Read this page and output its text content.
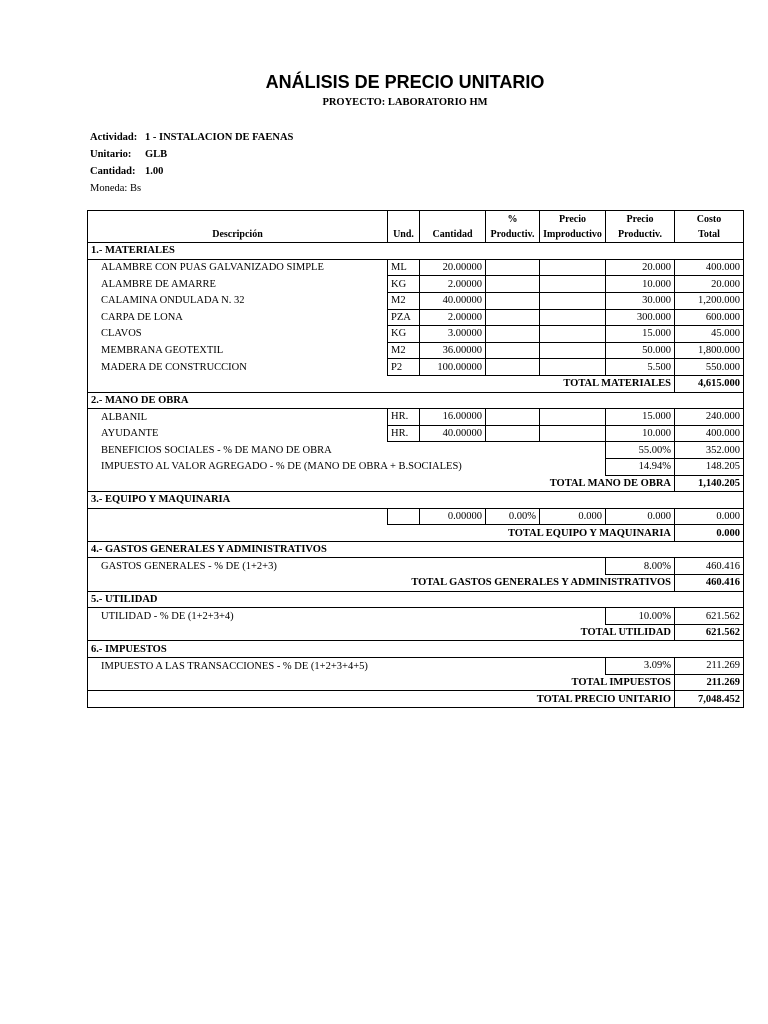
ANÁLISIS DE PRECIO UNITARIO
PROYECTO: LABORATORIO HM
Actividad: 1 - INSTALACION DE FAENAS
Unitario:	GLB
Cantidad: 1.00
Moneda: Bs
			%	Precio	Precio	Costo
Descripción	Und.	Cantidad	Productiv.	Improductivo	Productiv.	Total
1.- MATERIALES						
ALAMBRE CON PUAS GALVANIZADO SIMPLE	ML	20.00000			20.000	400.000
ALAMBRE DE AMARRE	KG	2.00000			10.000	20.000
CALAMINA ONDULADA N. 32	M2	40.00000			30.000	1,200.000
CARPA DE LONA	PZA	2.00000			300.000	600.000
CLAVOS	KG	3.00000			15.000	45.000
MEMBRANA GEOTEXTIL	M2	36.00000			50.000	1,800.000
MADERA DE CONSTRUCCION	P2	100.00000			5.500	550.000
TOTAL MATERIALES						4,615.000
2.- MANO DE OBRA						
ALBANIL	HR.	16.00000			15.000	240.000
AYUDANTE	HR.	40.00000			10.000	400.000
BENEFICIOS SOCIALES - % DE MANO DE OBRA					55.00%	352.000
IMPUESTO AL VALOR AGREGADO - % DE (MANO DE OBRA + B.SOCIALES)					14.94%	148.205
TOTAL MANO DE OBRA						1,140.205
3.- EQUIPO Y MAQUINARIA						
		0.00000	0.00%	0.000	0.000	0.000
TOTAL EQUIPO Y MAQUINARIA						0.000
4.- GASTOS GENERALES Y ADMINISTRATIVOS						
GASTOS GENERALES - % DE (1+2+3)					8.00%	460.416
TOTAL GASTOS GENERALES Y ADMINISTRATIVOS						460.416
5.- UTILIDAD						
UTILIDAD - % DE (1+2+3+4)					10.00%	621.562
TOTAL UTILIDAD						621.562
6.- IMPUESTOS						
IMPUESTO A LAS TRANSACCIONES - % DE (1+2+3+4+5)					3.09%	211.269
TOTAL IMPUESTOS						211.269
TOTAL PRECIO UNITARIO						7,048.452
